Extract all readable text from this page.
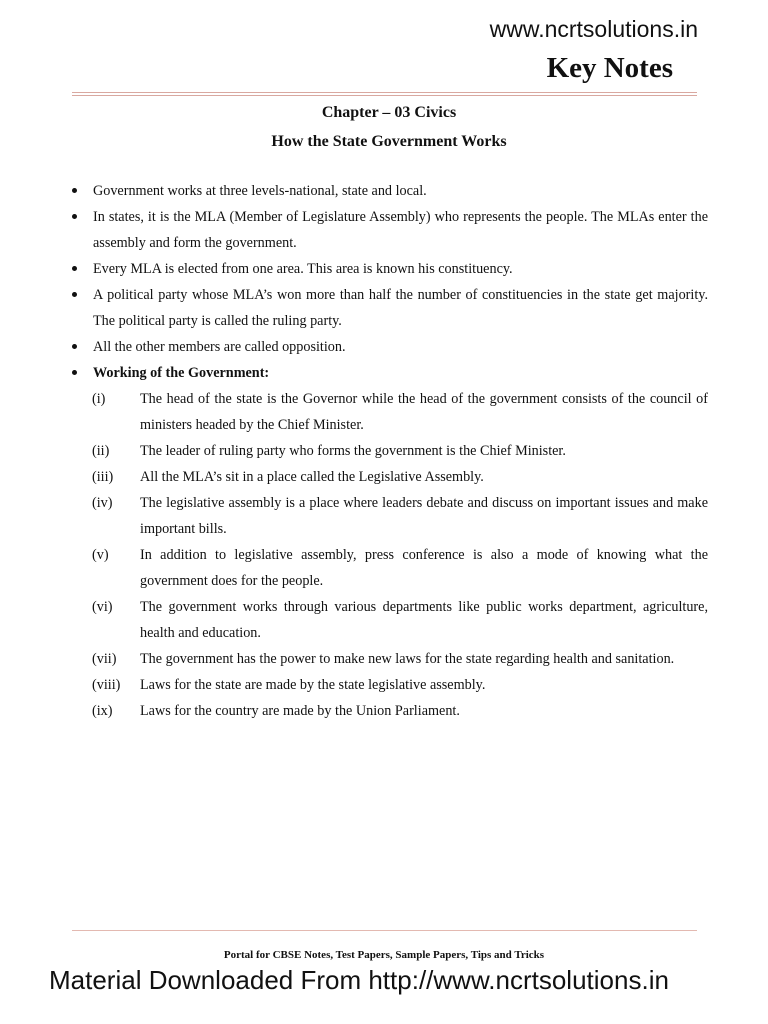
www.ncrtsolutions.in
Key Notes
Chapter – 03 Civics
How the State Government Works
Government works at three levels-national, state and local.
In states, it is the MLA (Member of Legislature Assembly) who represents the people. The MLAs enter the assembly and form the government.
Every MLA is elected from one area. This area is known his constituency.
A political party whose MLA’s won more than half the number of constituencies in the state get majority. The political party is called the ruling party.
All the other members are called opposition.
Working of the Government:
(i) The head of the state is the Governor while the head of the government consists of the council of ministers headed by the Chief Minister.
(ii) The leader of ruling party who forms the government is the Chief Minister.
(iii) All the MLA’s sit in a place called the Legislative Assembly.
(iv) The legislative assembly is a place where leaders debate and discuss on important issues and make important bills.
(v) In addition to legislative assembly, press conference is also a mode of knowing what the government does for the people.
(vi) The government works through various departments like public works department, agriculture, health and education.
(vii) The government has the power to make new laws for the state regarding health and sanitation.
(viii) Laws for the state are made by the state legislative assembly.
(ix) Laws for the country are made by the Union Parliament.
Portal for CBSE Notes, Test Papers, Sample Papers, Tips and Tricks
Material Downloaded From http://www.ncrtsolutions.in
